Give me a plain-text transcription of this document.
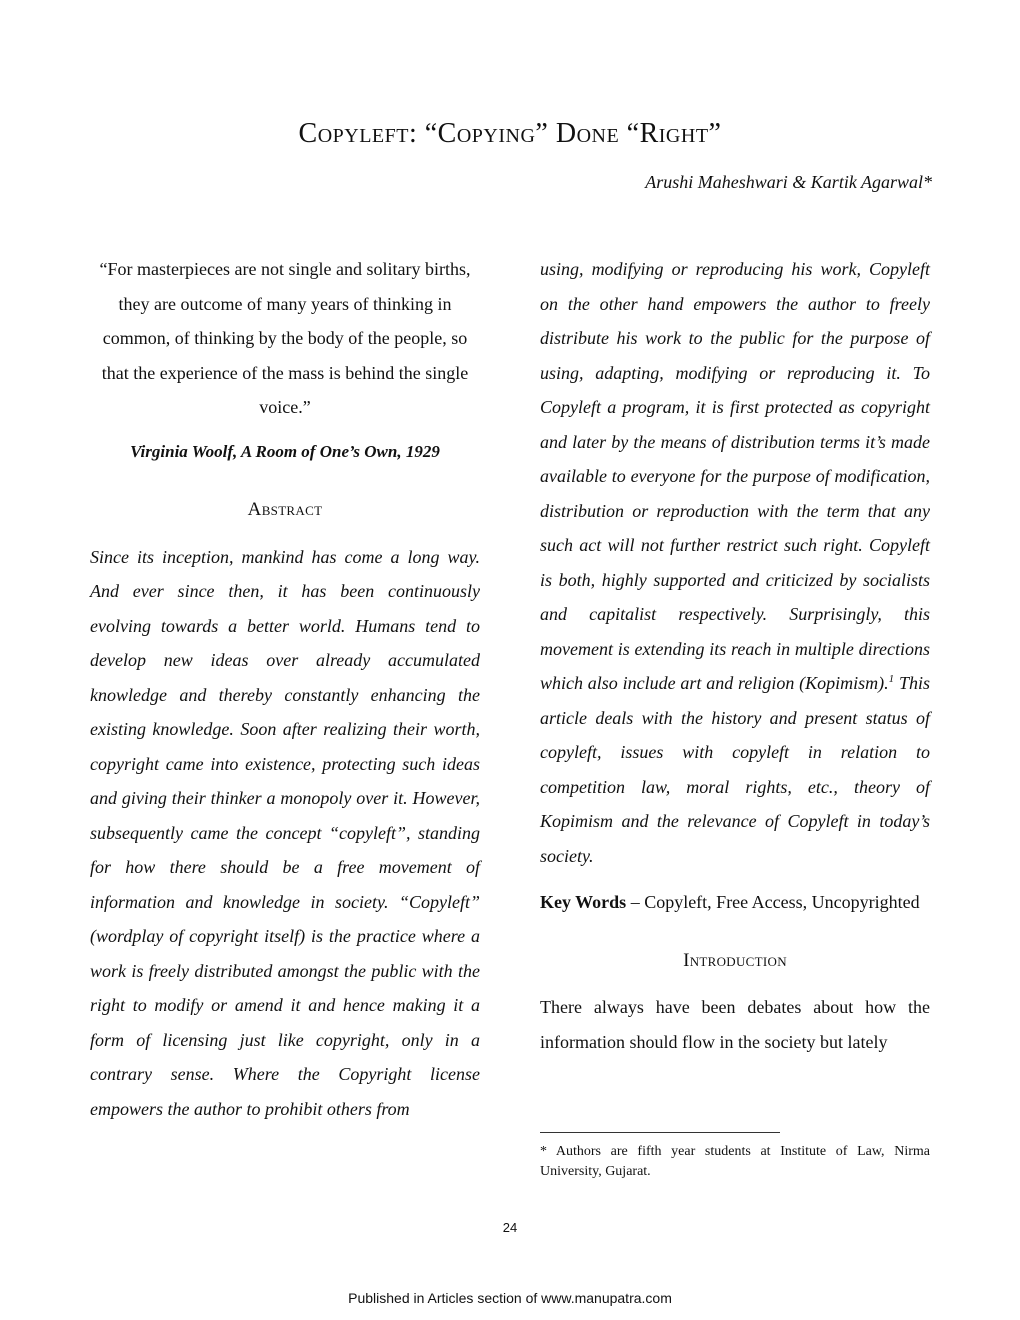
Copyleft: “Copying” Done “Right”
Arushi Maheshwari & Kartik Agarwal*
“For masterpieces are not single and solitary births, they are outcome of many years of thinking in common, of thinking by the body of the people, so that the experience of the mass is behind the single voice.”
Virginia Woolf, A Room of One’s Own, 1929
Abstract

Since its inception, mankind has come a long way. And ever since then, it has been continuously evolving towards a better world. Humans tend to develop new ideas over already accumulated knowledge and thereby constantly enhancing the existing knowledge. Soon after realizing their worth, copyright came into existence, protecting such ideas and giving their thinker a monopoly over it. However, subsequently came the concept “copyleft”, standing for how there should be a free movement of information and knowledge in society. “Copyleft” (wordplay of copyright itself) is the practice where a work is freely distributed amongst the public with the right to modify or amend it and hence making it a form of licensing just like copyright, only in a contrary sense. Where the Copyright license empowers the author to prohibit others from

using, modifying or reproducing his work, Copyleft on the other hand empowers the author to freely distribute his work to the public for the purpose of using, adapting, modifying or reproducing it. To Copyleft a program, it is first protected as copyright and later by the means of distribution terms it’s made available to everyone for the purpose of modification, distribution or reproduction with the term that any such act will not further restrict such right. Copyleft is both, highly supported and criticized by socialists and capitalist respectively. Surprisingly, this movement is extending its reach in multiple directions which also include art and religion (Kopimism).$^1$ This article deals with the history and present status of copyleft, issues with copyleft in relation to competition law, moral rights, etc., theory of Kopimism and the relevance of Copyleft in today’s society.

Key Words – Copyleft, Free Access, Uncopyrighted

Introduction

There always have been debates about how the information should flow in the society but lately

* Authors are fifth year students at Institute of Law, Nirma University, Gujarat.
24
Published in Articles section of www.manupatra.com
